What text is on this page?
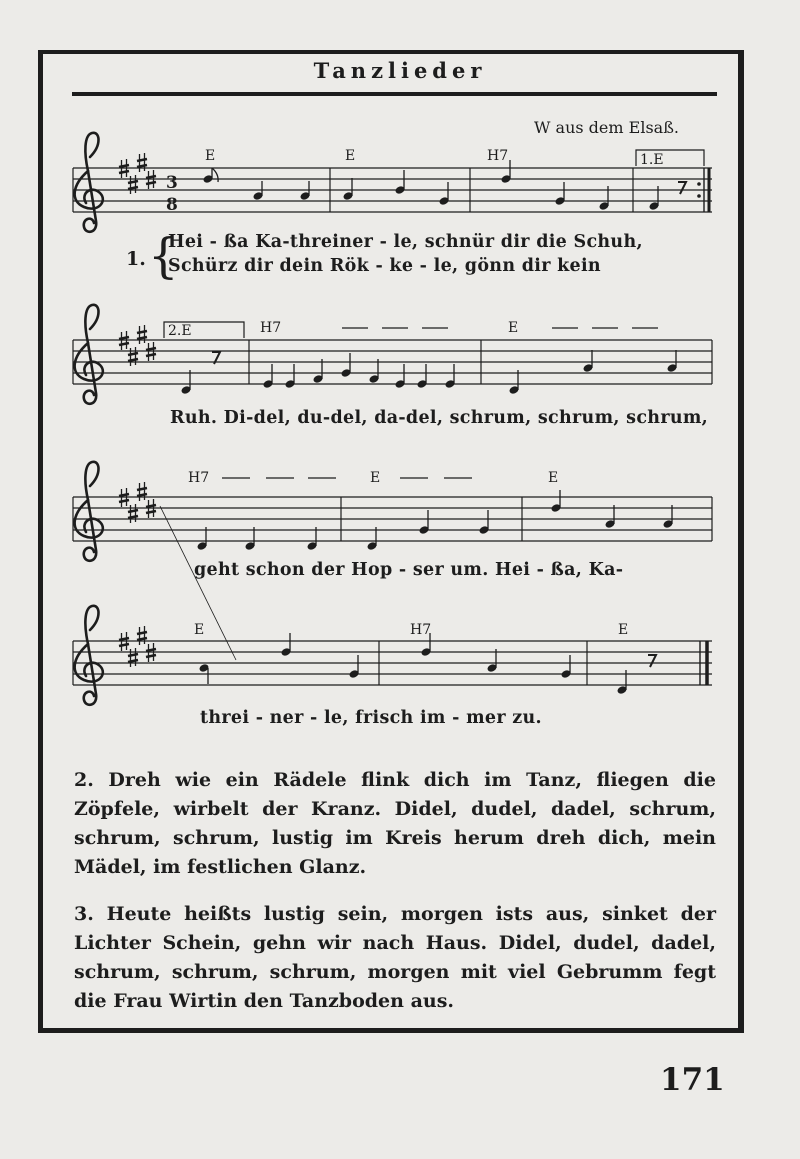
Tanzlieder
W aus dem Elsaß.
3
8
1.E
E	E	H7
2.E	H7	E
H7	E	E
E	H7	E
1. {
Hei - ßa Ka-threiner - le, schnür dir die Schuh,
Schürz dir dein Rök - ke - le, gönn dir kein
Ruh. Di-del, du-del, da-del, schrum, schrum, schrum,
geht schon der Hop - ser um. Hei - ßa, Ka-
threi - ner - le, frisch im - mer zu.
2. Dreh wie ein Rädele flink dich im Tanz, fliegen die Zöpfele, wirbelt der Kranz. Didel, dudel, dadel, schrum, schrum, schrum, lustig im Kreis herum dreh dich, mein Mädel, im festlichen Glanz.
3. Heute heißts lustig sein, morgen ists aus, sinket der Lichter Schein, gehn wir nach Haus. Didel, dudel, dadel, schrum, schrum, schrum, morgen mit viel Gebrumm fegt die Frau Wirtin den Tanzboden aus.
171
